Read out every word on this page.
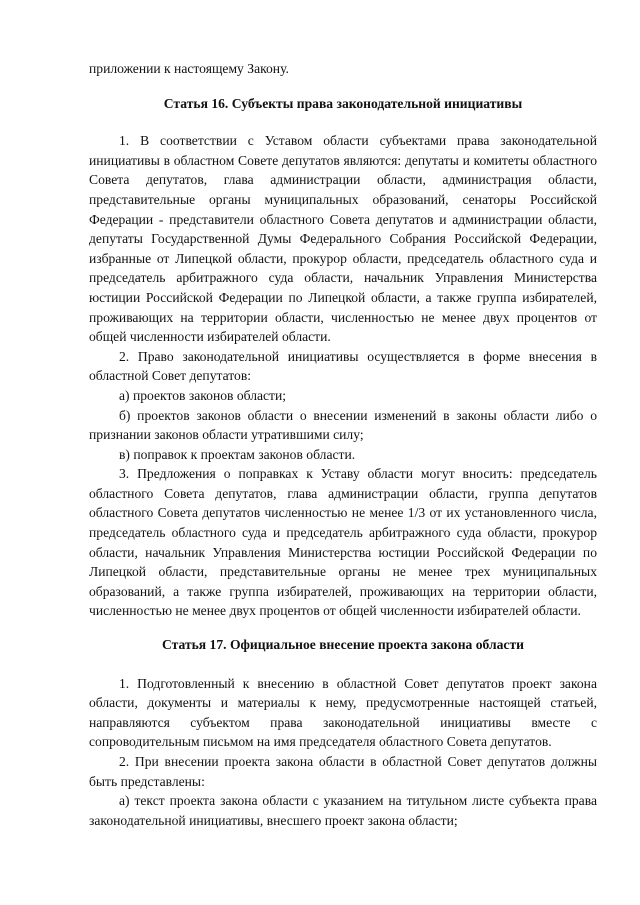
приложении к настоящему Закону.

Статья 16. Субъекты права законодательной инициативы

1. В соответствии с Уставом области субъектами права законодательной инициативы в областном Совете депутатов являются: депутаты и комитеты областного Совета депутатов, глава администрации области, администрация области, представительные органы муниципальных образований, сенаторы Российской Федерации - представители областного Совета депутатов и администрации области, депутаты Государственной Думы Федерального Собрания Российской Федерации, избранные от Липецкой области, прокурор области, председатель областного суда и председатель арбитражного суда области, начальник Управления Министерства юстиции Российской Федерации по Липецкой области, а также группа избирателей, проживающих на территории области, численностью не менее двух процентов от общей численности избирателей области.

2. Право законодательной инициативы осуществляется в форме внесения в областной Совет депутатов:

а) проектов законов области;

б) проектов законов области о внесении изменений в законы области либо о признании законов области утратившими силу;

в) поправок к проектам законов области.

3. Предложения о поправках к Уставу области могут вносить: председатель областного Совета депутатов, глава администрации области, группа депутатов областного Совета депутатов численностью не менее 1/3 от их установленного числа, председатель областного суда и председатель арбитражного суда области, прокурор области, начальник Управления Министерства юстиции Российской Федерации по Липецкой области, представительные органы не менее трех муниципальных образований, а также группа избирателей, проживающих на территории области, численностью не менее двух процентов от общей численности избирателей области.

Статья 17. Официальное внесение проекта закона области

1. Подготовленный к внесению в областной Совет депутатов проект закона области, документы и материалы к нему, предусмотренные настоящей статьей, направляются субъектом права законодательной инициативы вместе с сопроводительным письмом на имя председателя областного Совета депутатов.

2. При внесении проекта закона области в областной Совет депутатов должны быть представлены:

а) текст проекта закона области с указанием на титульном листе субъекта права законодательной инициативы, внесшего проект закона области;
